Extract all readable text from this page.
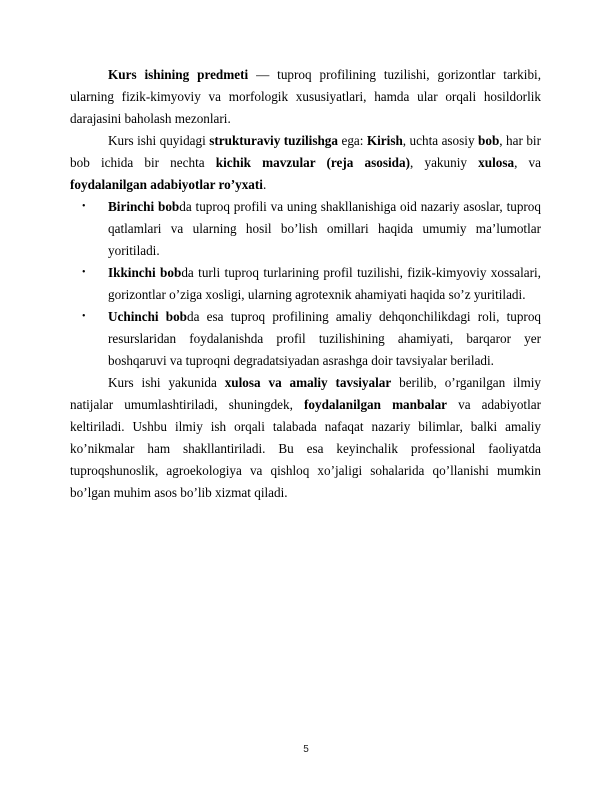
Kurs ishining predmeti — tuproq profilining tuzilishi, gorizontlar tarkibi, ularning fizik-kimyoviy va morfologik xususiyatlari, hamda ular orqali hosildorlik darajasini baholash mezonlari.

Kurs ishi quyidagi strukturaviy tuzilishga ega: Kirish, uchta asosiy bob, har bir bob ichida bir nechta kichik mavzular (reja asosida), yakuniy xulosa, va foydalanilgan adabiyotlar ro’yxati.

• Birinchi bobda tuproq profili va uning shakllanishiga oid nazariy asoslar, tuproq qatlamlari va ularning hosil bo’lish omillari haqida umumiy ma’lumotlar yoritiladi.

• Ikkinchi bobda turli tuproq turlarining profil tuzilishi, fizik-kimyoviy xossalari, gorizontlar o’ziga xosligi, ularning agrotexnik ahamiyati haqida so’z yuritiladi.

• Uchinchi bobda esa tuproq profilining amaliy dehqonchilikdagi roli, tuproq resurslaridan foydalanishda profil tuzilishining ahamiyati, barqaror yer boshqaruvi va tuproqni degradatsiyadan asrashga doir tavsiyalar beriladi.

Kurs ishi yakunida xulosa va amaliy tavsiyalar berilib, o’rganilgan ilmiy natijalar umumlashtiriladi, shuningdek, foydalanilgan manbalar va adabiyotlar keltiriladi. Ushbu ilmiy ish orqali talabada nafaqat nazariy bilimlar, balki amaliy ko’nikmalar ham shakllantiriladi. Bu esa keyinchalik professional faoliyatda tuproqshunoslik, agroekologiya va qishloq xo’jaligi sohalarida qo’llanishi mumkin bo’lgan muhim asos bo’lib xizmat qiladi.

5
